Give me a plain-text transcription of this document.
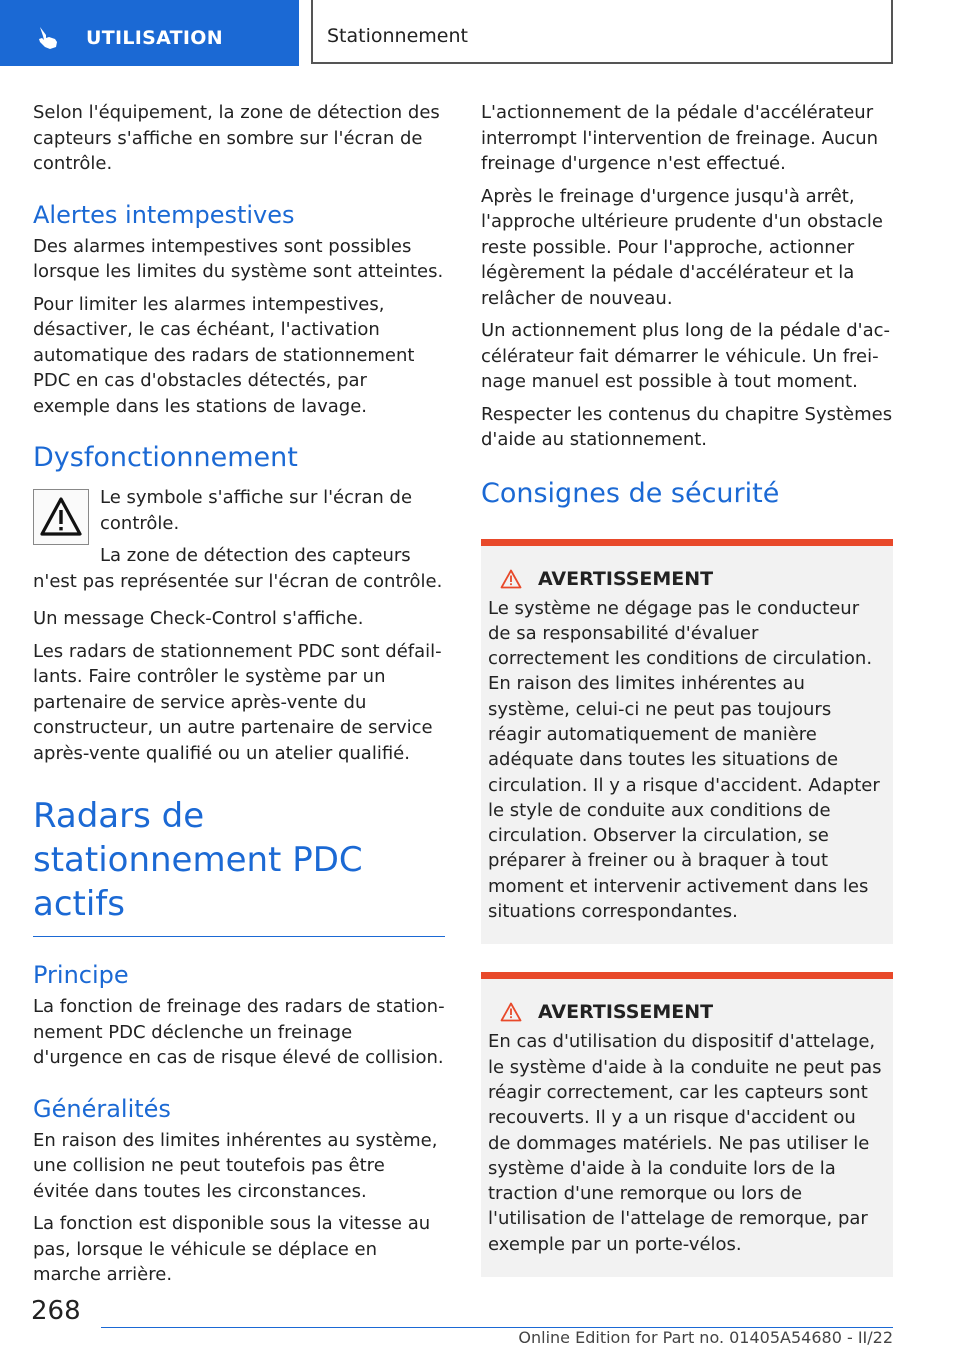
UTILISATION	Stationnement

Selon l'équipement, la zone de détection des capteurs s'affiche en sombre sur l'écran de contrôle.

Alertes intempestives

Des alarmes intempestives sont possibles lorsque les limites du système sont atteintes.

Pour limiter les alarmes intempestives, désactiver, le cas échéant, l'activation automatique des radars de stationnement PDC en cas d'obstacles détectés, par exemple dans les stations de lavage.

Dysfonctionnement

Le symbole s'affiche sur l'écran de contrôle.

La zone de détection des capteurs

n'est pas représentée sur l'écran de contrôle.

Un message Check-Control s'affiche.

Les radars de stationnement PDC sont défaillants. Faire contrôler le système par un partenaire de service après-vente du constructeur, un autre partenaire de service après-vente qualifié ou un atelier qualifié.

Radars de stationnement PDC actifs
Principe

La fonction de freinage des radars de stationnement PDC déclenche un freinage d'urgence en cas de risque élevé de collision.

Généralités

En raison des limites inhérentes au système, une collision ne peut toutefois pas être évitée dans toutes les circonstances.

La fonction est disponible sous la vitesse au pas, lorsque le véhicule se déplace en marche arrière.

L'actionnement de la pédale d'accélérateur interrompt l'intervention de freinage. Aucun freinage d'urgence n'est effectué.

Après le freinage d'urgence jusqu'à arrêt, l'approche ultérieure prudente d'un obstacle reste possible. Pour l'approche, actionner légèrement la pédale d'accélérateur et la relâcher de nouveau.

Un actionnement plus long de la pédale d'accélérateur fait démarrer le véhicule. Un freinage manuel est possible à tout moment.

Respecter les contenus du chapitre Systèmes d'aide au stationnement.

Consignes de sécurité
AVERTISSEMENT

Le système ne dégage pas le conducteur de sa responsabilité d'évaluer correctement les conditions de circulation. En raison des limites inhérentes au système, celui-ci ne peut pas toujours réagir automatiquement de manière adéquate dans toutes les situations de circulation. Il y a risque d'accident. Adapter le style de conduite aux conditions de circulation. Observer la circulation, se préparer à freiner ou à braquer à tout moment et intervenir activement dans les situations correspondantes.

AVERTISSEMENT

En cas d'utilisation du dispositif d'attelage, le système d'aide à la conduite ne peut pas réagir correctement, car les capteurs sont recouverts. Il y a un risque d'accident ou de dommages matériels. Ne pas utiliser le système d'aide à la conduite lors de la traction d'une remorque ou lors de l'utilisation de l'attelage de remorque, par exemple par un porte-vélos.

268
Online Edition for Part no. 01405A54680 - II/22
